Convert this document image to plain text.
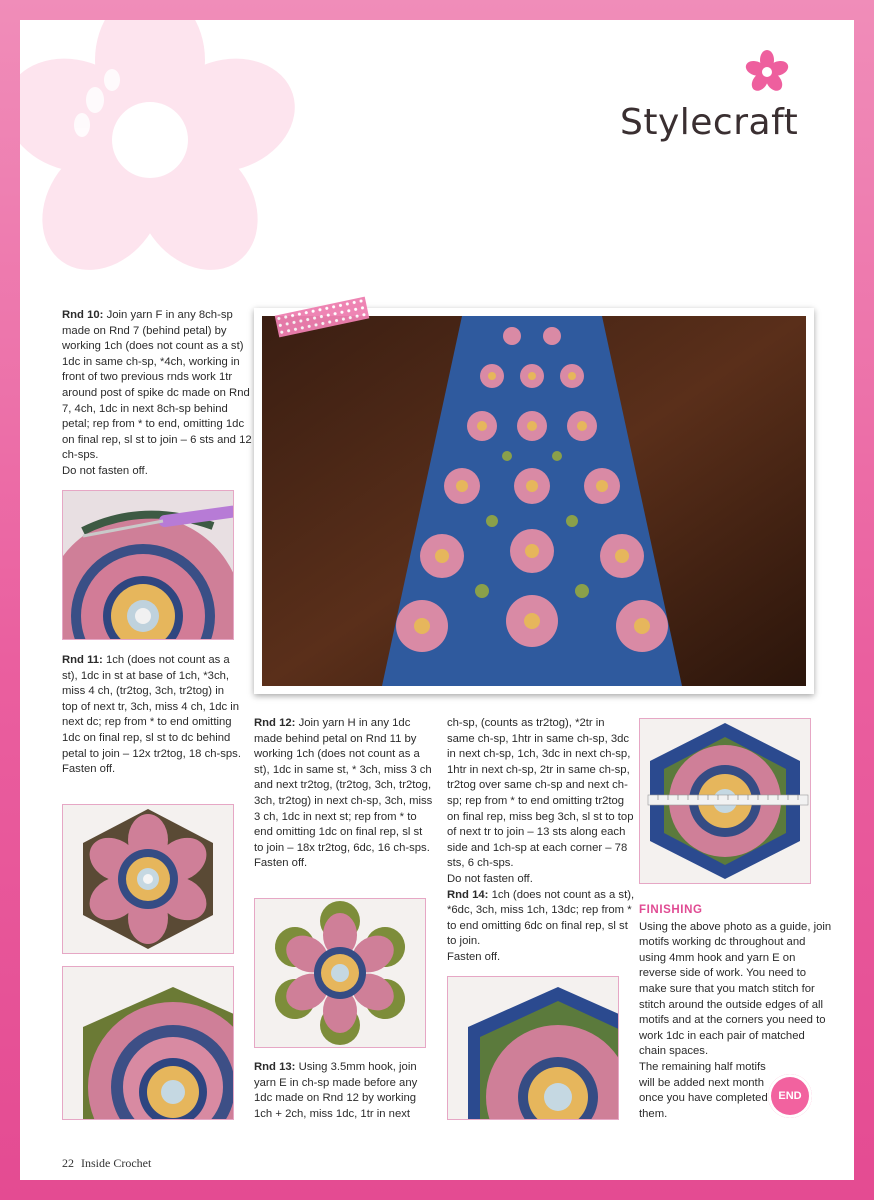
Stylecraft

Rnd 10: Join yarn F in any 8ch-sp made on Rnd 7 (behind petal) by working 1ch (does not count as a st) 1dc in same ch-sp, *4ch, working in front of two previous rnds work 1tr around post of spike dc made on Rnd 7, 4ch, 1dc in next 8ch-sp behind petal; rep from * to end, omitting 1dc on final rep, sl st to join – 6 sts and 12 ch-sps.

Do not fasten off.

Rnd 11: 1ch (does not count as a st), 1dc in st at base of 1ch, *3ch, miss 4 ch, (tr2tog, 3ch, tr2tog) in top of next tr, 3ch, miss 4 ch, 1dc in next dc; rep from * to end omitting 1dc on final rep, sl st to dc behind petal to join – 12x tr2tog, 18 ch-sps.

Fasten off.

Rnd 12: Join yarn H in any 1dc made behind petal on Rnd 11 by working 1ch (does not count as a st), 1dc in same st, * 3ch, miss 3 ch and next tr2tog, (tr2tog, 3ch, tr2tog, 3ch, tr2tog) in next ch-sp, 3ch, miss 3 ch, 1dc in next st; rep from * to end omitting 1dc on final rep, sl st to join – 18x tr2tog, 6dc, 16 ch-sps.

Fasten off.

Rnd 13: Using 3.5mm hook, join yarn E in ch-sp made before any 1dc made on Rnd 12 by working 1ch + 2ch, miss 1dc, 1tr in next

ch-sp, (counts as tr2tog), *2tr in same ch-sp, 1htr in same ch-sp, 3dc in next ch-sp, 1ch, 3dc in next ch-sp, 1htr in next ch-sp, 2tr in same ch-sp, tr2tog over same ch-sp and next ch-sp; rep from * to end omitting tr2tog on final rep, miss beg 3ch, sl st to top of next tr to join – 13 sts along each side and 1ch-sp at each corner – 78 sts, 6 ch-sps.

Do not fasten off.

Rnd 14: 1ch (does not count as a st), *6dc, 3ch, miss 1ch, 13dc; rep from * to end omitting 6dc on final rep, sl st to join.

Fasten off.

FINISHING

Using the above photo as a guide, join motifs working dc throughout and using 4mm hook and yarn E on reverse side of work. You need to make sure that you match stitch for stitch around the outside edges of all motifs and at the corners you need to work 1dc in each pair of matched chain spaces.

The remaining half motifs will be added next month once you have completed them.

END
22 Inside Crochet
